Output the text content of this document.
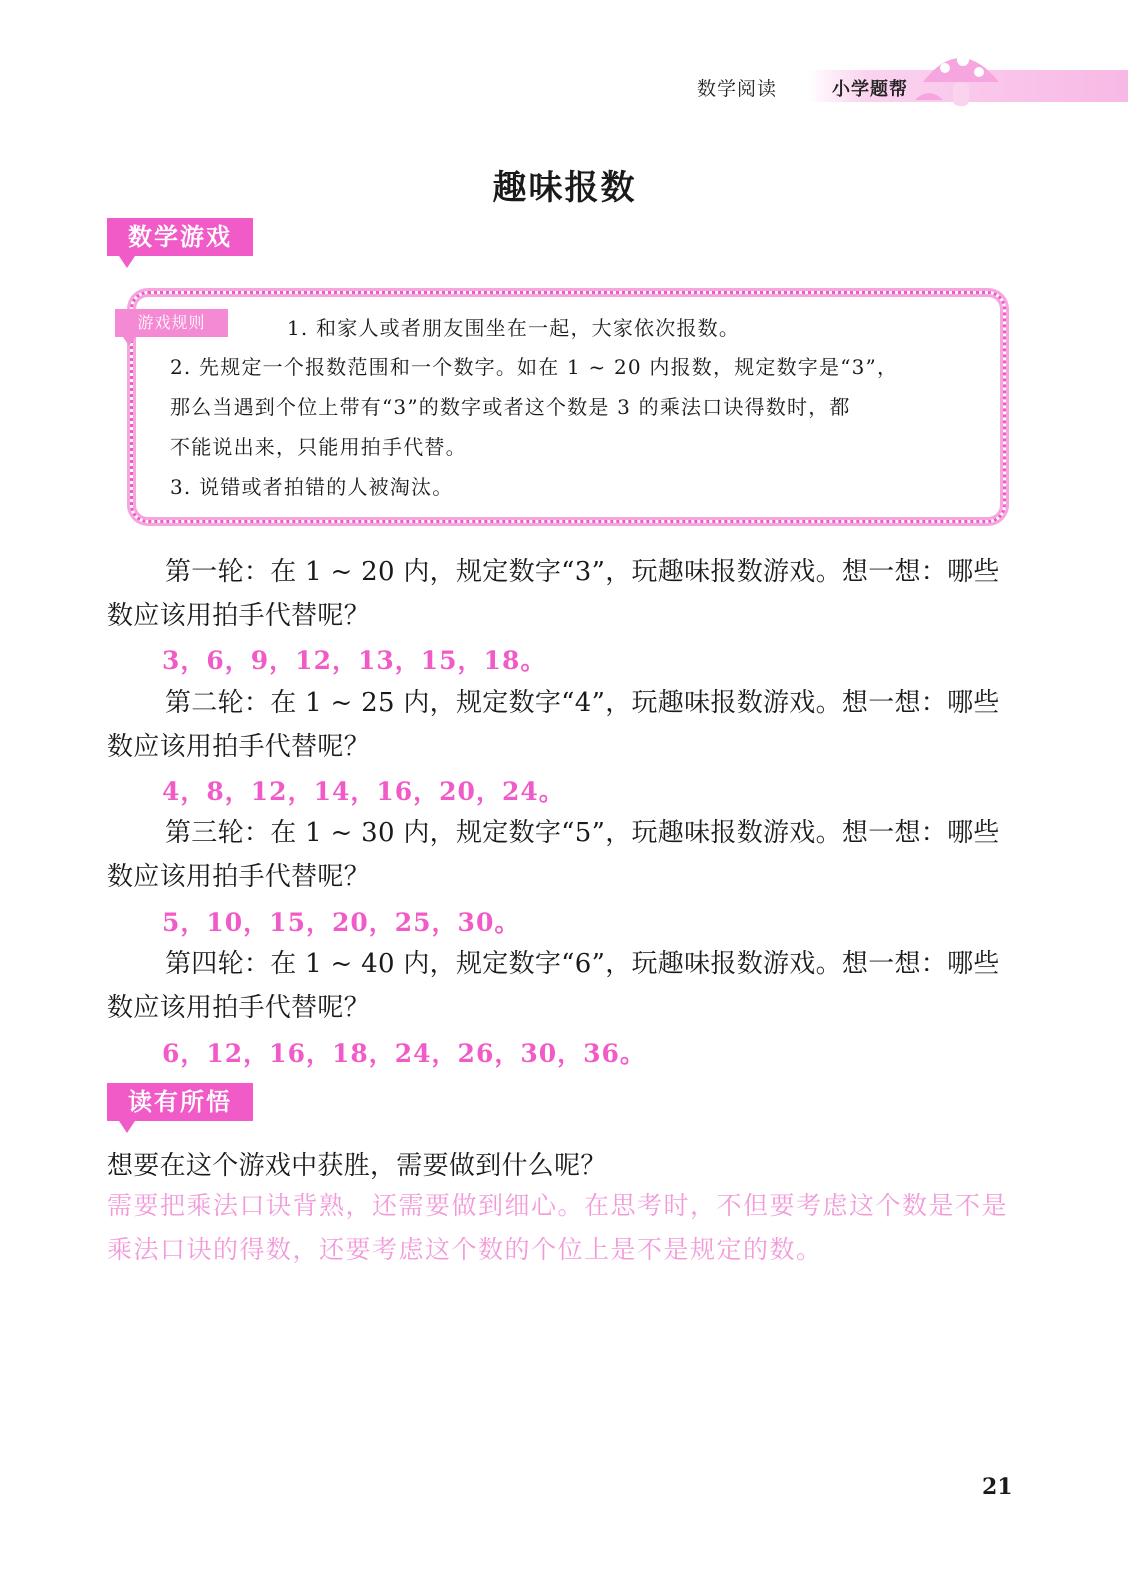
数学阅读	小学题帮
趣味报数
数学游戏
游戏规则	1. 和家人或者朋友围坐在一起，大家依次报数。
2. 先规定一个报数范围和一个数字。如在 1 ~ 20 内报数，规定数字是“3”，
那么当遇到个位上带有“3”的数字或者这个数是 3 的乘法口诀得数时，都
不能说出来，只能用拍手代替。
3. 说错或者拍错的人被淘汰。

第一轮：在 1 ~ 20 内，规定数字“3”，玩趣味报数游戏。想一想：哪些数应该用拍手代替呢？

3，6，9，12，13，15，18。

第二轮：在 1 ~ 25 内，规定数字“4”，玩趣味报数游戏。想一想：哪些数应该用拍手代替呢？

4，8，12，14，16，20，24。

第三轮：在 1 ~ 30 内，规定数字“5”，玩趣味报数游戏。想一想：哪些数应该用拍手代替呢？

5，10，15，20，25，30。

第四轮：在 1 ~ 40 内，规定数字“6”，玩趣味报数游戏。想一想：哪些数应该用拍手代替呢？

6，12，16，18，24，26，30，36。
读有所悟
想要在这个游戏中获胜，需要做到什么呢？

需要把乘法口诀背熟，还需要做到细心。在思考时，不但要考虑这个数是不是乘法口诀的得数，还要考虑这个数的个位上是不是规定的数。

21
